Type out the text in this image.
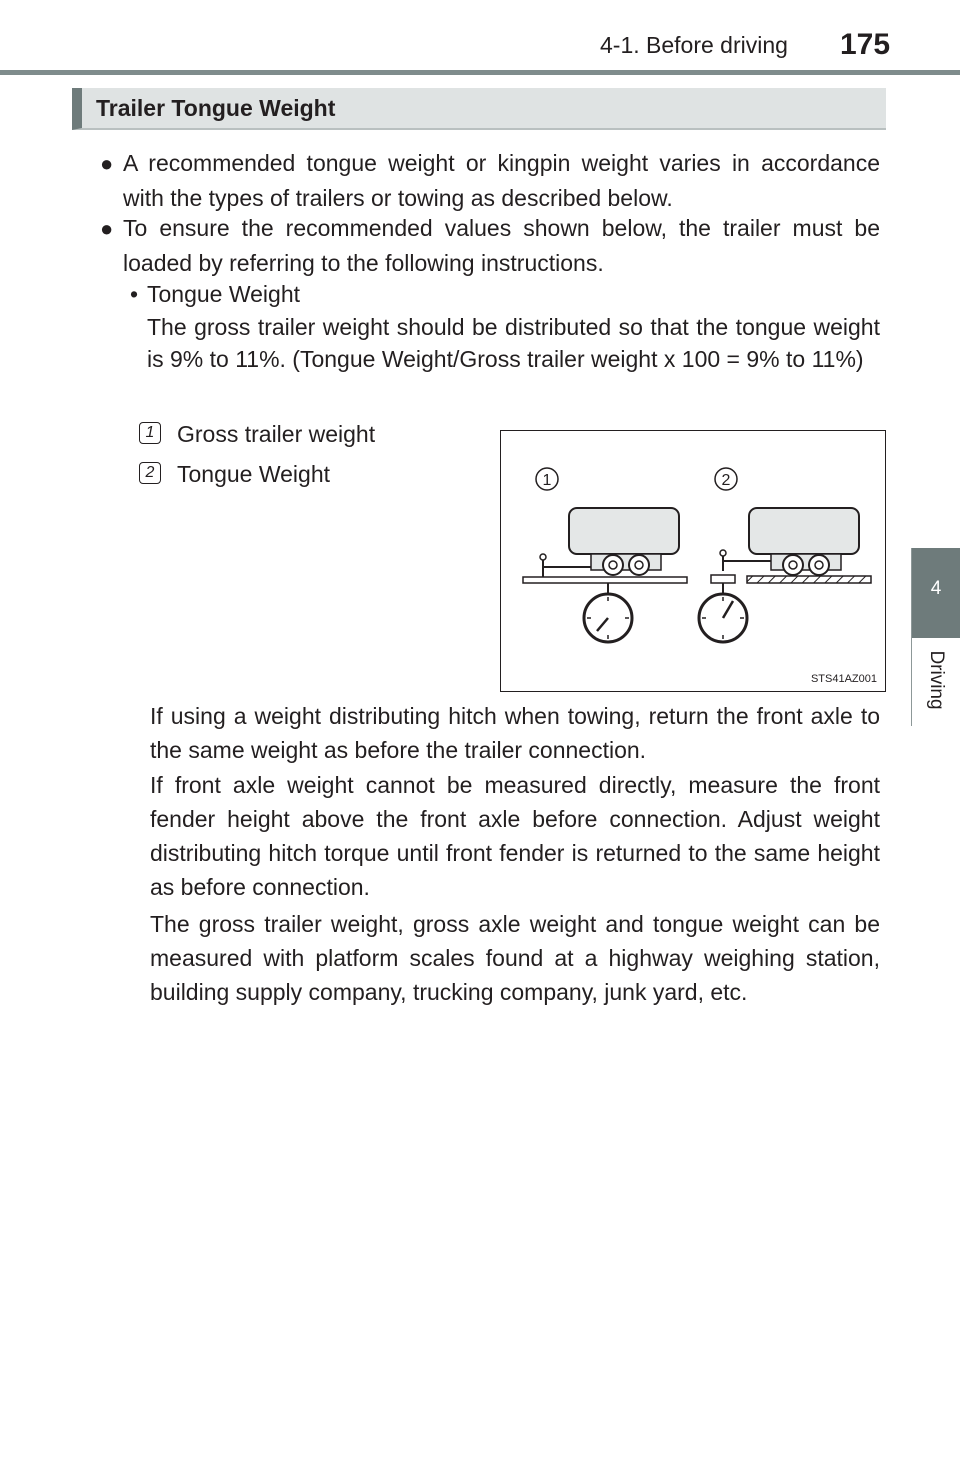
4-1. Before driving 175
4
Driving
Trailer Tongue Weight
● A recommended tongue weight or kingpin weight varies in accordance with the types of trailers or towing as described below.
● To ensure the recommended values shown below, the trailer must be loaded by referring to the following instructions.
• Tongue Weight
The gross trailer weight should be distributed so that the tongue weight is 9% to 11%. (Tongue Weight/Gross trailer weight x 100 = 9% to 11%)
1 Gross trailer weight
2 Tongue Weight	1	2
STS41AZ001
If using a weight distributing hitch when towing, return the front axle to the same weight as before the trailer connection.
If front axle weight cannot be measured directly, measure the front fender height above the front axle before connection. Adjust weight distributing hitch torque until front fender is returned to the same height as before connection.
The gross trailer weight, gross axle weight and tongue weight can be measured with platform scales found at a highway weighing station, building supply company, trucking company, junk yard, etc.
